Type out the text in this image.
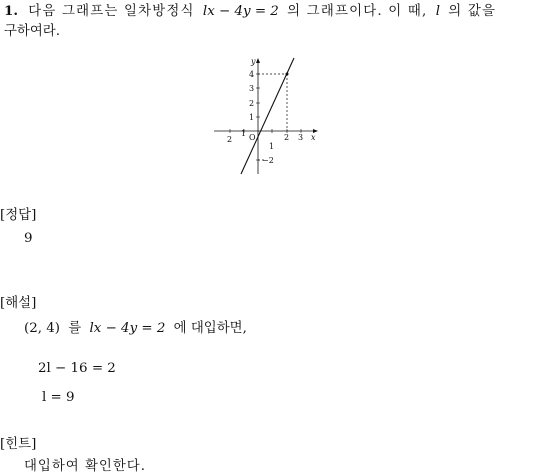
1. 다음 그래프는 일차방정식 lx − 4y = 2 의 그래프이다. 이 때, l 의 값을
구하여라.
y
x
O
4
3
2
1
−2
2
1
1
2 3
[정답]
9
[해설]
(2, 4) 를 lx − 4y = 2 에 대입하면,
2l − 16 = 2
l = 9
[힌트]
대입하여 확인한다.
